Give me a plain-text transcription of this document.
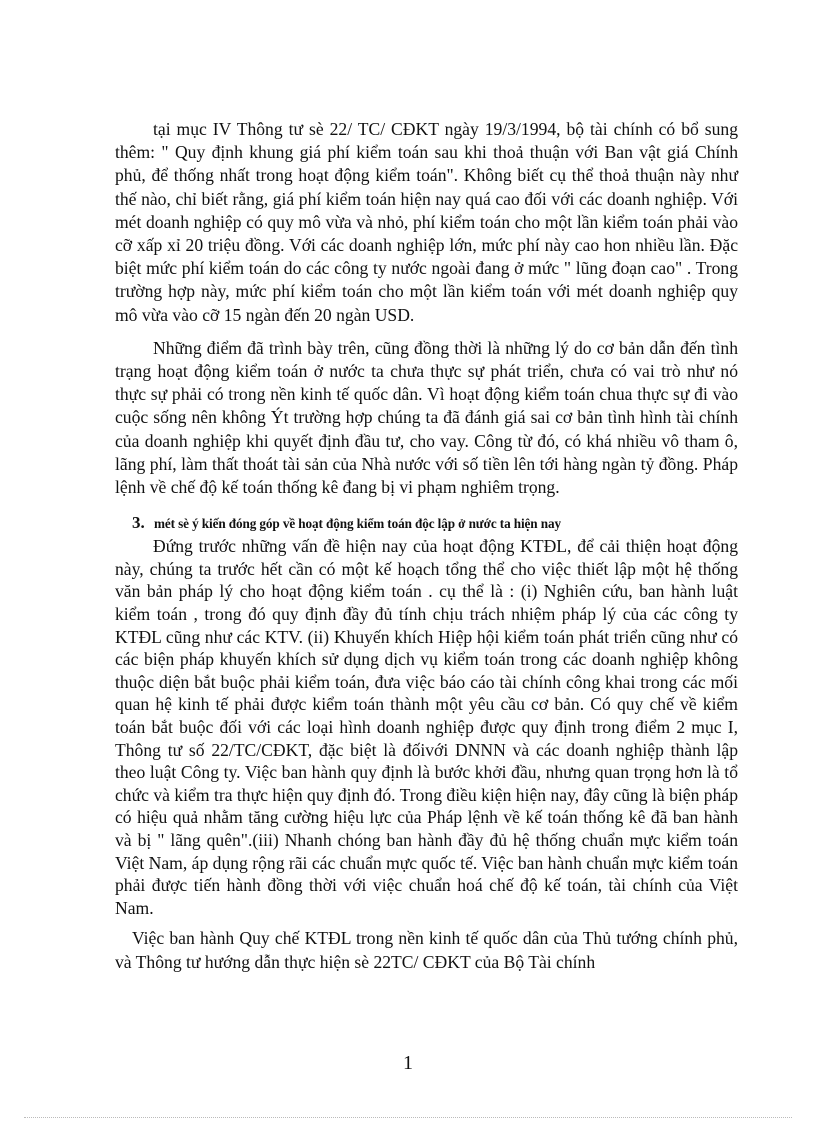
tại mục IV Thông tư sè 22/ TC/ CĐKT ngày 19/3/1994, bộ tài chính có bổ sung thêm: " Quy định khung giá phí kiểm toán sau khi thoả thuận với Ban vật giá Chính phủ, để thống nhất trong hoạt động kiểm toán". Không biết cụ thể thoả thuận này như thế nào, chỉ biết rằng, giá phí kiểm toán hiện nay quá cao đối với các doanh nghiệp. Với mét doanh nghiệp có quy mô vừa và nhỏ, phí kiểm toán cho một lần kiểm toán phải vào cỡ xấp xỉ 20 triệu đồng. Với các doanh nghiệp lớn, mức phí này cao hon nhiều lần. Đặc biệt mức phí kiểm toán do các công ty nước ngoài đang ở mức " lũng đoạn cao" . Trong trường hợp này, mức phí kiểm toán cho một lần kiểm toán với mét doanh nghiệp quy mô vừa vào cỡ 15 ngàn đến 20 ngàn USD.

Những điểm đã trình bày trên, cũng đồng thời là những lý do cơ bản dẫn đến tình trạng hoạt động kiểm toán ở nước ta chưa thực sự phát triển, chưa có vai trò như nó thực sự phải có trong nền kinh tế quốc dân. Vì hoạt động kiểm toán chua thực sự đi vào cuộc sống nên không Ýt trường hợp chúng ta đã đánh giá sai cơ bản tình hình tài chính của doanh nghiệp khi quyết định đầu tư, cho vay. Công từ đó, có khá nhiều vô tham ô, lãng phí, làm thất thoát tài sản của Nhà nước với số tiền lên tới hàng ngàn tỷ đồng. Pháp lệnh về chế độ kế toán thống kê đang bị vi phạm nghiêm trọng.

3. mét sè ý kiến đóng góp về hoạt động kiểm toán độc lập ở nước ta hiện nay

Đứng trước những vấn đề hiện nay của hoạt động KTĐL, để cải thiện hoạt động này, chúng ta trước hết cần có một kế hoạch tổng thể cho việc thiết lập một hệ thống văn bản pháp lý cho hoạt động kiểm toán . cụ thể là : (i) Nghiên cứu, ban hành luật kiểm toán , trong đó quy định đầy đủ tính chịu trách nhiệm pháp lý của các công ty KTĐL cũng như các KTV. (ii) Khuyến khích Hiệp hội kiểm toán phát triển cũng như có các biện pháp khuyến khích sử dụng dịch vụ kiểm toán trong các doanh nghiệp không thuộc diện bắt buộc phải kiểm toán, đưa việc báo cáo tài chính công khai trong các mối quan hệ kinh tế phải được kiểm toán thành một yêu cầu cơ bản. Có quy chế về kiểm toán bắt buộc đối với các loại hình doanh nghiệp được quy định trong điểm 2 mục I, Thông tư số 22/TC/CĐKT, đặc biệt là đốivới DNNN và các doanh nghiệp thành lập theo luật Công ty. Việc ban hành quy định là bước khởi đầu, nhưng quan trọng hơn là tổ chức và kiểm tra thực hiện quy định đó. Trong điều kiện hiện nay, đây cũng là biện pháp có hiệu quả nhằm tăng cường hiệu lực của Pháp lệnh về kế toán thống kê đã ban hành và bị " lãng quên".(iii) Nhanh chóng ban hành đầy đủ hệ thống chuẩn mực kiểm toán Việt Nam, áp dụng rộng rãi các chuẩn mực quốc tế. Việc ban hành chuẩn mực kiểm toán phải được tiến hành đồng thời với việc chuẩn hoá chế độ kế toán, tài chính của Việt Nam.

Việc ban hành Quy chế KTĐL trong nền kinh tế quốc dân của Thủ tướng chính phủ, và Thông tư hướng dẫn thực hiện sè 22TC/ CĐKT của Bộ Tài chính

1
